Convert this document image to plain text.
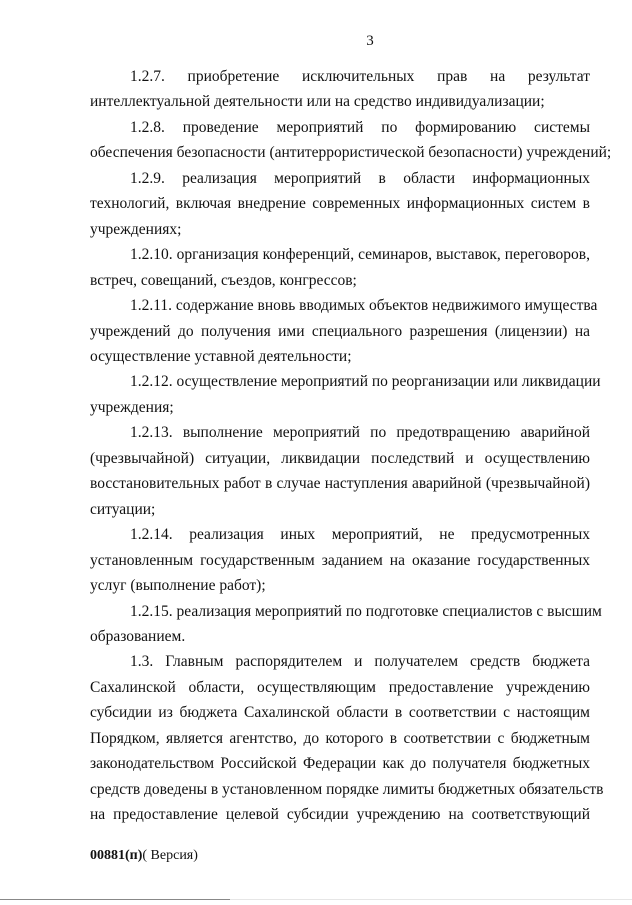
3
1.2.7. приобретение исключительных прав на результат
интеллектуальной деятельности или на средство индивидуализации;
1.2.8. проведение мероприятий по формированию системы
обеспечения безопасности (антитеррористической безопасности) учреждений;
1.2.9. реализация мероприятий в области информационных
технологий, включая внедрение современных информационных систем в
учреждениях;
1.2.10. организация конференций, семинаров, выставок, переговоров,
встреч, совещаний, съездов, конгрессов;
1.2.11. содержание вновь вводимых объектов недвижимого имущества
учреждений до получения ими специального разрешения (лицензии) на
осуществление уставной деятельности;
1.2.12. осуществление мероприятий по реорганизации или ликвидации
учреждения;
1.2.13. выполнение мероприятий по предотвращению аварийной
(чрезвычайной) ситуации, ликвидации последствий и осуществлению
восстановительных работ в случае наступления аварийной (чрезвычайной)
ситуации;
1.2.14. реализация иных мероприятий, не предусмотренных
установленным государственным заданием на оказание государственных
услуг (выполнение работ);
1.2.15. реализация мероприятий по подготовке специалистов с высшим
образованием.
1.3. Главным распорядителем и получателем средств бюджета
Сахалинской области, осуществляющим предоставление учреждению
субсидии из бюджета Сахалинской области в соответствии с настоящим
Порядком, является агентство, до которого в соответствии с бюджетным
законодательством Российской Федерации как до получателя бюджетных
средств доведены в установленном порядке лимиты бюджетных обязательств
на предоставление целевой субсидии учреждению на соответствующий
00881(п)( Версия)
